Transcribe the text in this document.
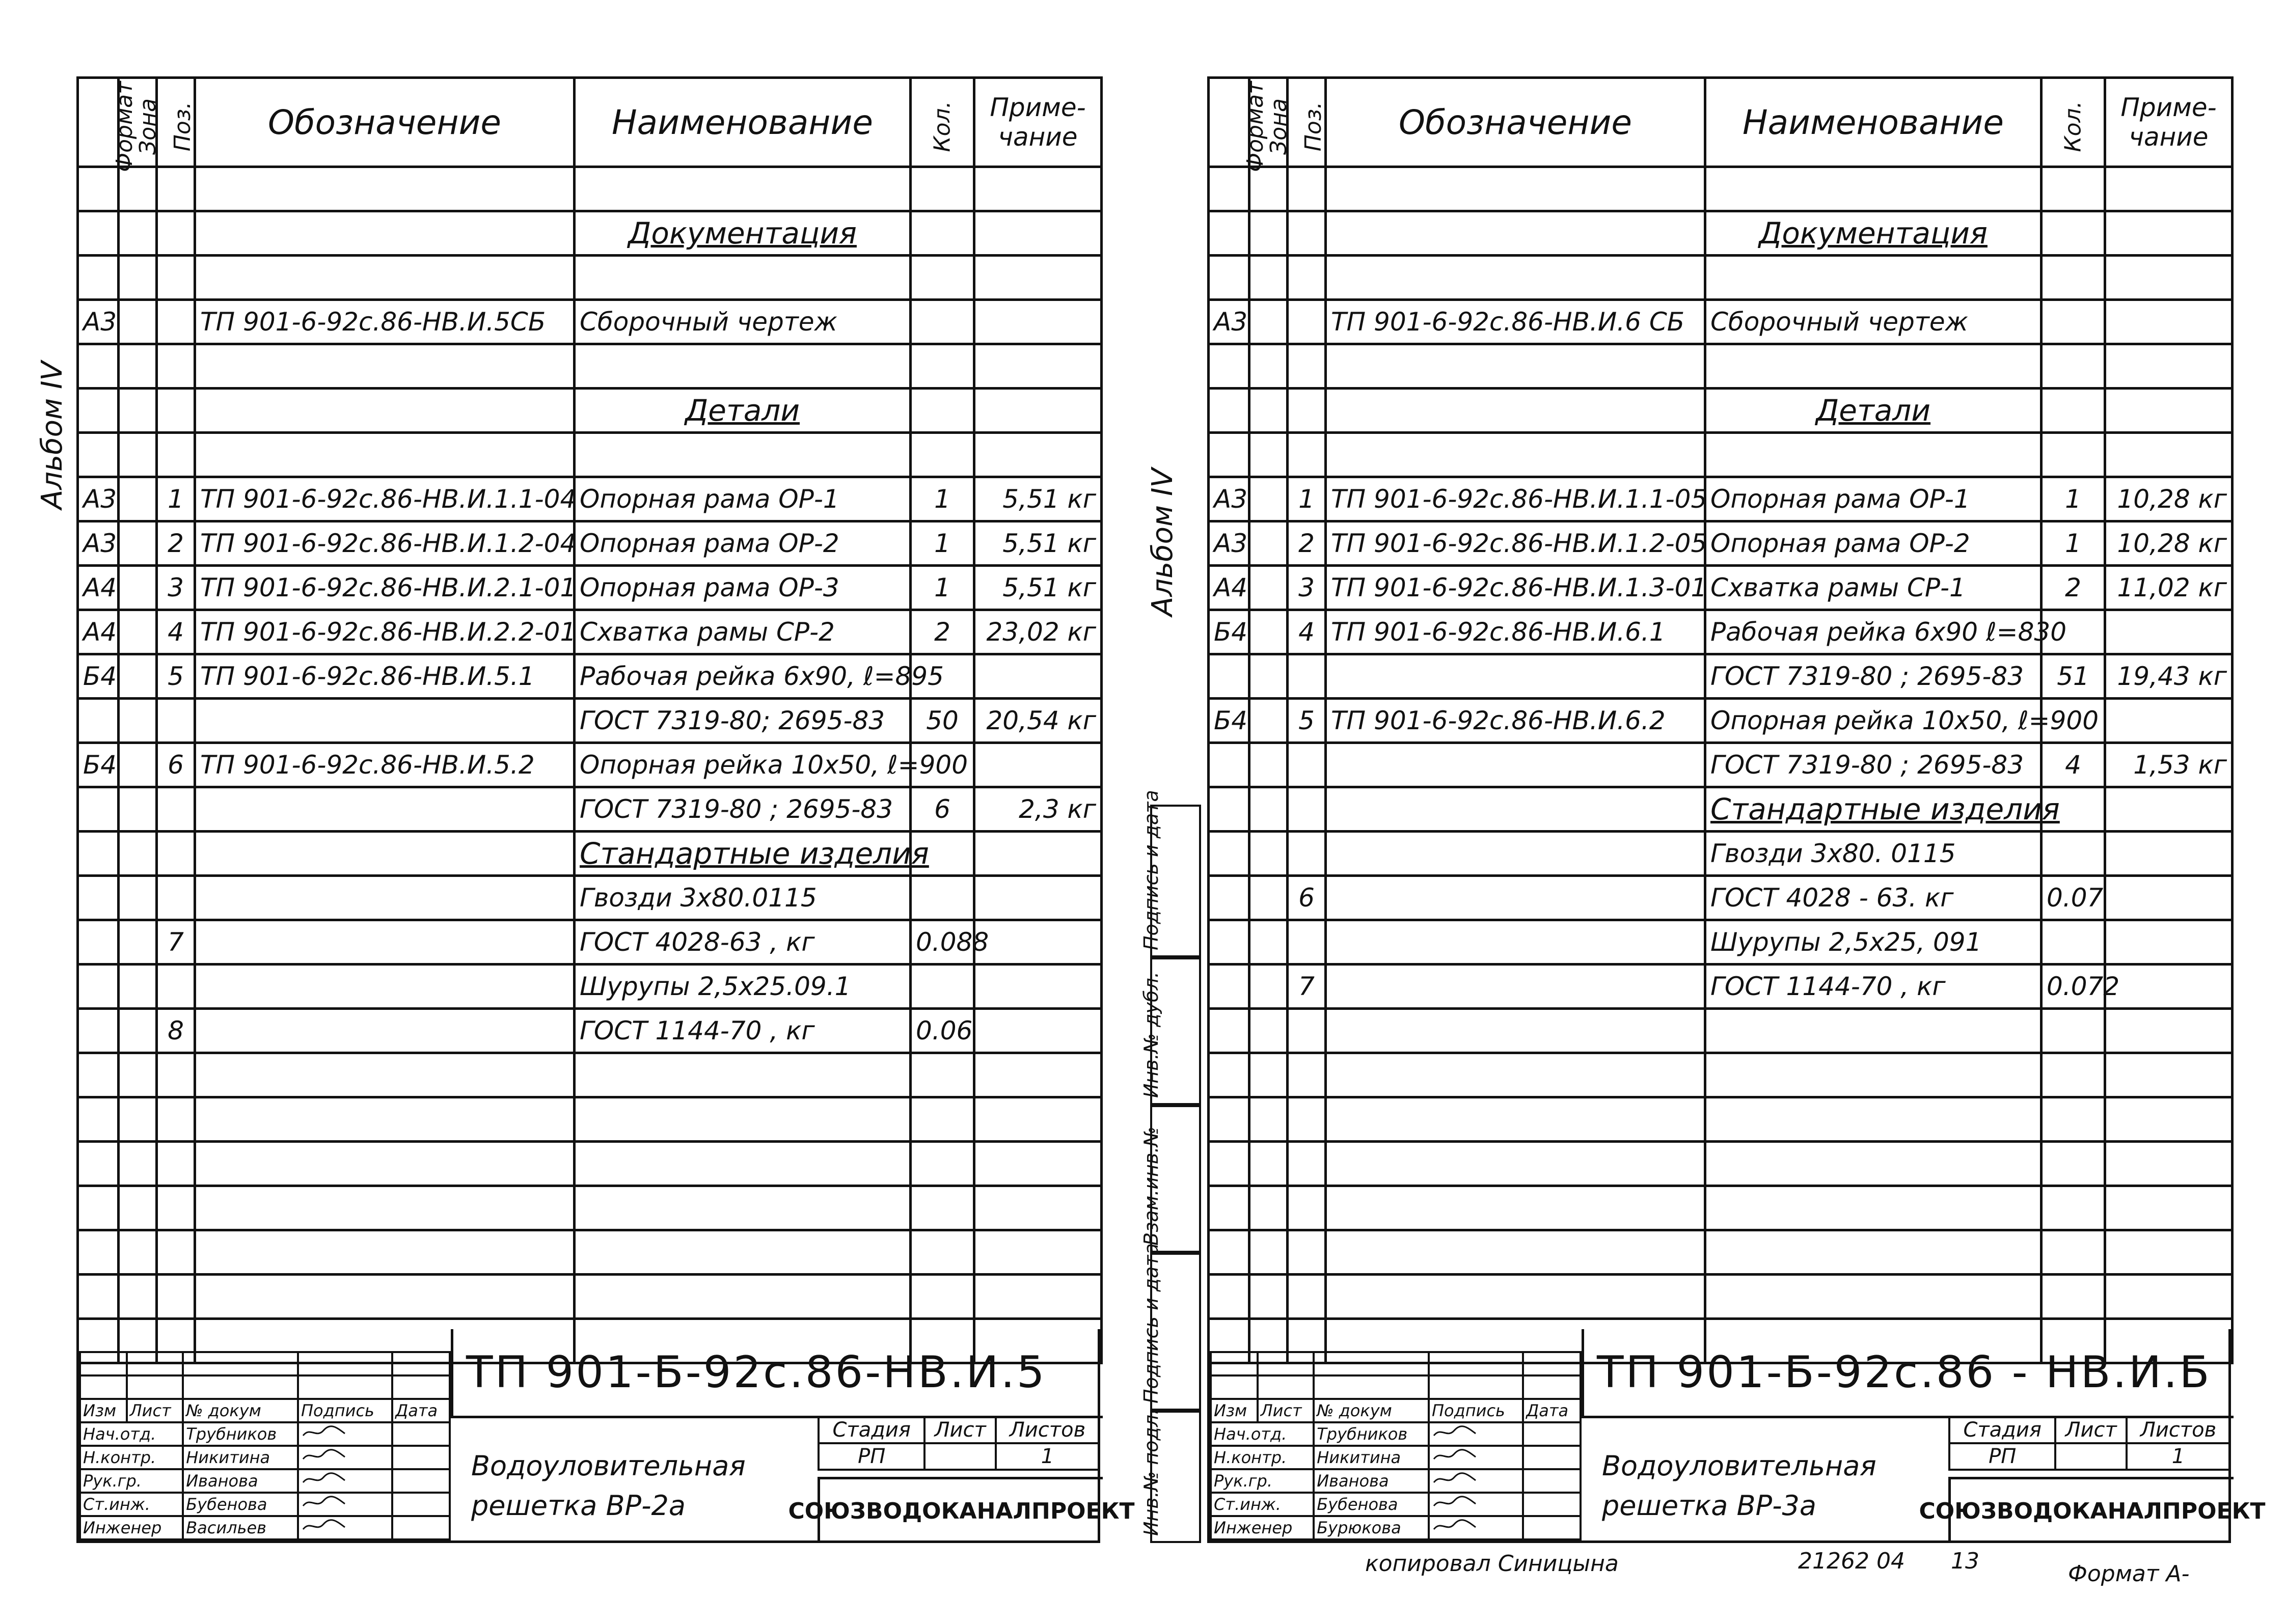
Формат	Зона	Поз.	Обозначение	Наименование	Кол.	Приме-чание

				Документация		

А3			ТП 901-6-92с.86-НВ.И.5СБ	Сборочный чертеж		

				Детали		

А3		1	ТП 901-6-92с.86-НВ.И.1.1-04	Опорная рама ОР-1	1	5,51 кг
А3		2	ТП 901-6-92с.86-НВ.И.1.2-04	Опорная рама ОР-2	1	5,51 кг
А4		3	ТП 901-6-92с.86-НВ.И.2.1-01	Опорная рама ОР-3	1	5,51 кг
А4		4	ТП 901-6-92с.86-НВ.И.2.2-01	Схватка рамы СР-2	2	23,02 кг
Б4		5	ТП 901-6-92с.86-НВ.И.5.1	Рабочая рейка 6х90, ℓ=895		
				ГОСТ 7319-80; 2695-83	50	20,54 кг
Б4		6	ТП 901-6-92с.86-НВ.И.5.2	Опорная рейка 10х50, ℓ=900		
				ГОСТ 7319-80 ; 2695-83	6	2,3 кг
				Стандартные изделия		
				Гвозди 3х80.0115		
		7		ГОСТ 4028-63 , кг	0.088	
				Шурупы 2,5х25.09.1		
		8		ГОСТ 1144-70 , кг	0.06	

ТП 901-Б-92с.86-НВ.И.5
Водоуловительная
решетка ВР-2а
Стадия	Лист	Листов
РП		1
СОЮЗВОДОКАНАЛПРОЕКТ

Изм	Лист	№ докум	Подпись	Дата
Нач.отд.		Трубников		
Н.контр.		Никитина		
Рук.гр.		Иванова		
Ст.инж.		Бубенова		
Инженер		Васильев		
Формат	Зона	Поз.	Обозначение	Наименование	Кол.	Приме-чание

				Документация		

А3			ТП 901-6-92с.86-НВ.И.6 СБ	Сборочный чертеж		

				Детали		

А3		1	ТП 901-6-92с.86-НВ.И.1.1-05	Опорная рама ОР-1	1	10,28 кг
А3		2	ТП 901-6-92с.86-НВ.И.1.2-05	Опорная рама ОР-2	1	10,28 кг
А4		3	ТП 901-6-92с.86-НВ.И.1.3-01	Схватка рамы СР-1	2	11,02 кг
Б4		4	ТП 901-6-92с.86-НВ.И.6.1	Рабочая рейка 6х90 ℓ=830		
				ГОСТ 7319-80 ; 2695-83	51	19,43 кг
Б4		5	ТП 901-6-92с.86-НВ.И.6.2	Опорная рейка 10х50, ℓ=900		
				ГОСТ 7319-80 ; 2695-83	4	1,53 кг
				Стандартные изделия		
				Гвозди 3х80. 0115		
		6		ГОСТ 4028 - 63. кг	0.07	
				Шурупы 2,5х25, 091		
		7		ГОСТ 1144-70 , кг	0.072	

ТП 901-Б-92с.86 - НВ.И.Б
Водоуловительная
решетка ВР-3а
Стадия	Лист	Листов
РП		1
СОЮЗВОДОКАНАЛПРОЕКТ

Изм	Лист	№ докум	Подпись	Дата
Нач.отд.		Трубников		
Н.контр.		Никитина		
Рук.гр.		Иванова		
Ст.инж.		Бубенова		
Инженер		Бурюкова		
Альбом IV
Альбом IV
Инв.№ подл.
Подпись и дата
Взам.инв.№
Инв.№ дубл.
Подпись и дата
копировал Синицына	21262 04 13	Формат А-
